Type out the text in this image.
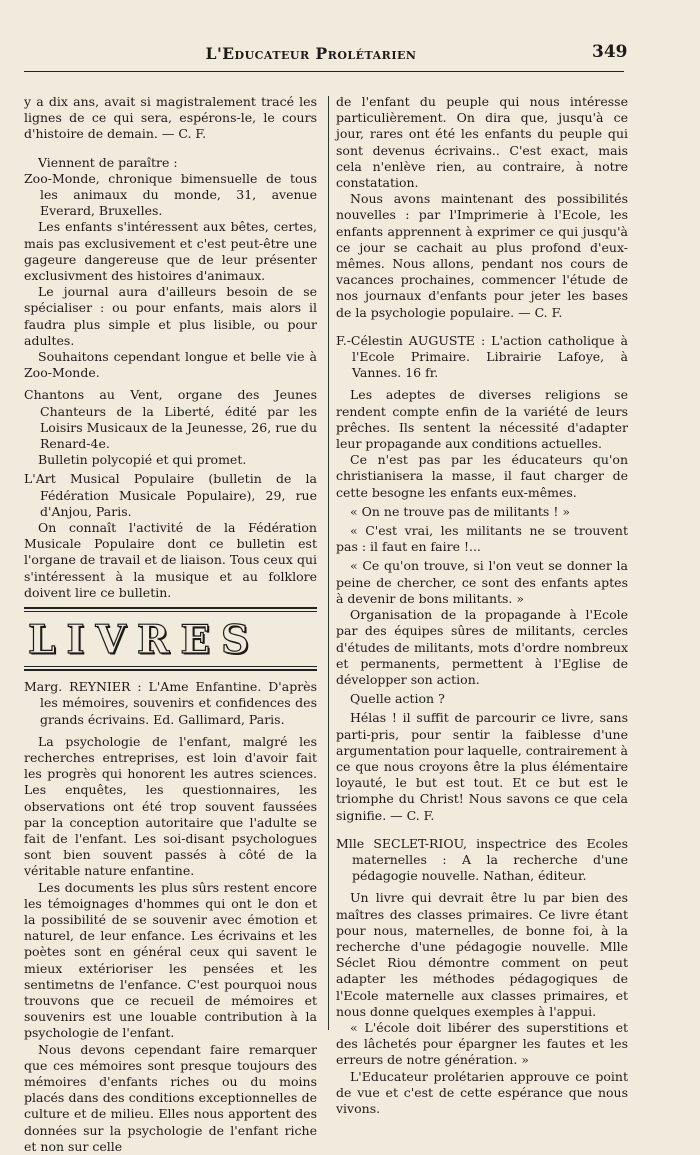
L'Educateur Prolétarien	349

y a dix ans, avait si magistralement tracé les lignes de ce qui sera, espérons-le, le cours d'histoire de demain. — C. F.

Viennent de paraître :

Zoo-Monde, chronique bimensuelle de tous les animaux du monde, 31, avenue Everard, Bruxelles.

Les enfants s'intéressent aux bêtes, certes, mais pas exclusivement et c'est peut-être une gageure dangereuse que de leur présenter exclusivment des histoires d'animaux.

Le journal aura d'ailleurs besoin de se spécialiser : ou pour enfants, mais alors il faudra plus simple et plus lisible, ou pour adultes.

Souhaitons cependant longue et belle vie à Zoo-Monde.

Chantons au Vent, organe des Jeunes Chanteurs de la Liberté, édité par les Loisirs Musicaux de la Jeunesse, 26, rue du Renard-4e.

Bulletin polycopié et qui promet.

L'Art Musical Populaire (bulletin de la Fédération Musicale Populaire), 29, rue d'Anjou, Paris.

On connaît l'activité de la Fédération Musicale Populaire dont ce bulletin est l'organe de travail et de liaison. Tous ceux qui s'intéressent à la musique et au folklore doivent lire ce bulletin.

LIVRES

Marg. REYNIER : L'Ame Enfantine. D'après les mémoires, souvenirs et confidences des grands écrivains. Ed. Gallimard, Paris.

La psychologie de l'enfant, malgré les recherches entreprises, est loin d'avoir fait les progrès qui honorent les autres sciences. Les enquêtes, les questionnaires, les observations ont été trop souvent faussées par la conception autoritaire que l'adulte se fait de l'enfant. Les soi-disant psychologues sont bien souvent passés à côté de la véritable nature enfantine.

Les documents les plus sûrs restent encore les témoignages d'hommes qui ont le don et la possibilité de se souvenir avec émotion et naturel, de leur enfance. Les écrivains et les poètes sont en général ceux qui savent le mieux extérioriser les pensées et les sentimetns de l'enfance. C'est pourquoi nous trouvons que ce recueil de mémoires et souvenirs est une louable contribution à la psychologie de l'enfant.

Nous devons cependant faire remarquer que ces mémoires sont presque toujours des mémoires d'enfants riches ou du moins placés dans des conditions exceptionnelles de culture et de milieu. Elles nous apportent des données sur la psychologie de l'enfant riche et non sur celle

de l'enfant du peuple qui nous intéresse particulièrement. On dira que, jusqu'à ce jour, rares ont été les enfants du peuple qui sont devenus écrivains.. C'est exact, mais cela n'enlève rien, au contraire, à notre constatation.

Nous avons maintenant des possibilités nouvelles : par l'Imprimerie à l'Ecole, les enfants apprennent à exprimer ce qui jusqu'à ce jour se cachait au plus profond d'eux-mêmes. Nous allons, pendant nos cours de vacances prochaines, commencer l'étude de nos journaux d'enfants pour jeter les bases de la psychologie populaire. — C. F.

F.-Célestin AUGUSTE : L'action catholique à l'Ecole Primaire. Librairie Lafoye, à Vannes. 16 fr.

Les adeptes de diverses religions se rendent compte enfin de la variété de leurs prêches. Ils sentent la nécessité d'adapter leur propagande aux conditions actuelles.

Ce n'est pas par les éducateurs qu'on christianisera la masse, il faut charger de cette besogne les enfants eux-mêmes.

« On ne trouve pas de militants ! »

« C'est vrai, les militants ne se trouvent pas : il faut en faire !...

« Ce qu'on trouve, si l'on veut se donner la peine de chercher, ce sont des enfants aptes à devenir de bons militants. »

Organisation de la propagande à l'Ecole par des équipes sûres de militants, cercles d'études de militants, mots d'ordre nombreux et permanents, permettent à l'Eglise de développer son action.

Quelle action ?

Hélas ! il suffit de parcourir ce livre, sans parti-pris, pour sentir la faiblesse d'une argumentation pour laquelle, contrairement à ce que nous croyons être la plus élémentaire loyauté, le but est tout. Et ce but est le triomphe du Christ! Nous savons ce que cela signifie. — C. F.

Mlle SECLET-RIOU, inspectrice des Ecoles maternelles : A la recherche d'une pédagogie nouvelle. Nathan, éditeur.

Un livre qui devrait être lu par bien des maîtres des classes primaires. Ce livre étant pour nous, maternelles, de bonne foi, à la recherche d'une pédagogie nouvelle. Mlle Séclet Riou démontre comment on peut adapter les méthodes pédagogiques de l'Ecole maternelle aux classes primaires, et nous donne quelques exemples à l'appui.

« L'école doit libérer des superstitions et des lâchetés pour épargner les fautes et les erreurs de notre génération. »

L'Educateur prolétarien approuve ce point de vue et c'est de cette espérance que nous vivons.
